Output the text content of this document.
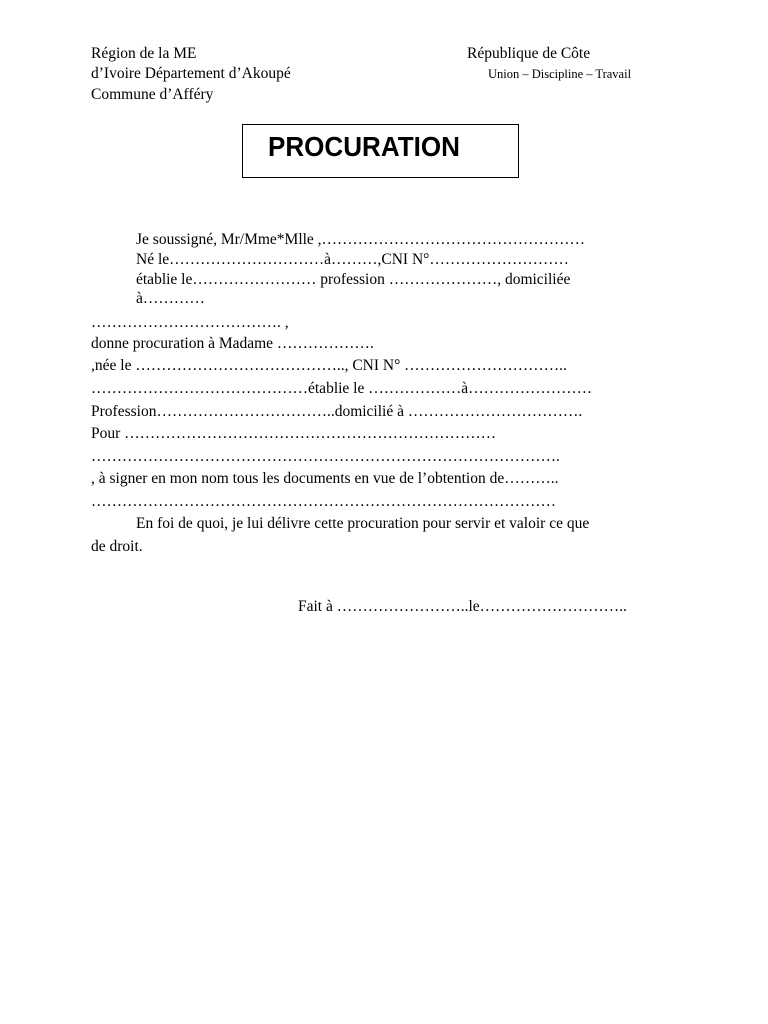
Région de la ME
d’Ivoire Département d’Akoupé
Commune d’Afféry
République de Côte
Union – Discipline – Travail
PROCURATION
Je soussigné, Mr/Mme*Mlle ,……………………………………………
Né le…………………………à………,CNI N°………………………
établie le…………………… profession …………………, domiciliée
à…………
………………………………. ,
donne procuration à Madame ……………….
,née le ………………………………….., CNI N° …………………………..
……………………………………établie le ………………à……………………
Profession……………………………..domicilié à …………………………….
Pour ………………………………………………………………
……………………………………………………………………………….
, à signer en mon nom tous les documents en vue de l’obtention de………..
………………………………………………………………………………
En foi de quoi, je lui délivre cette procuration pour servir et valoir ce que
de droit.
Fait à ……………………..le………………………..
